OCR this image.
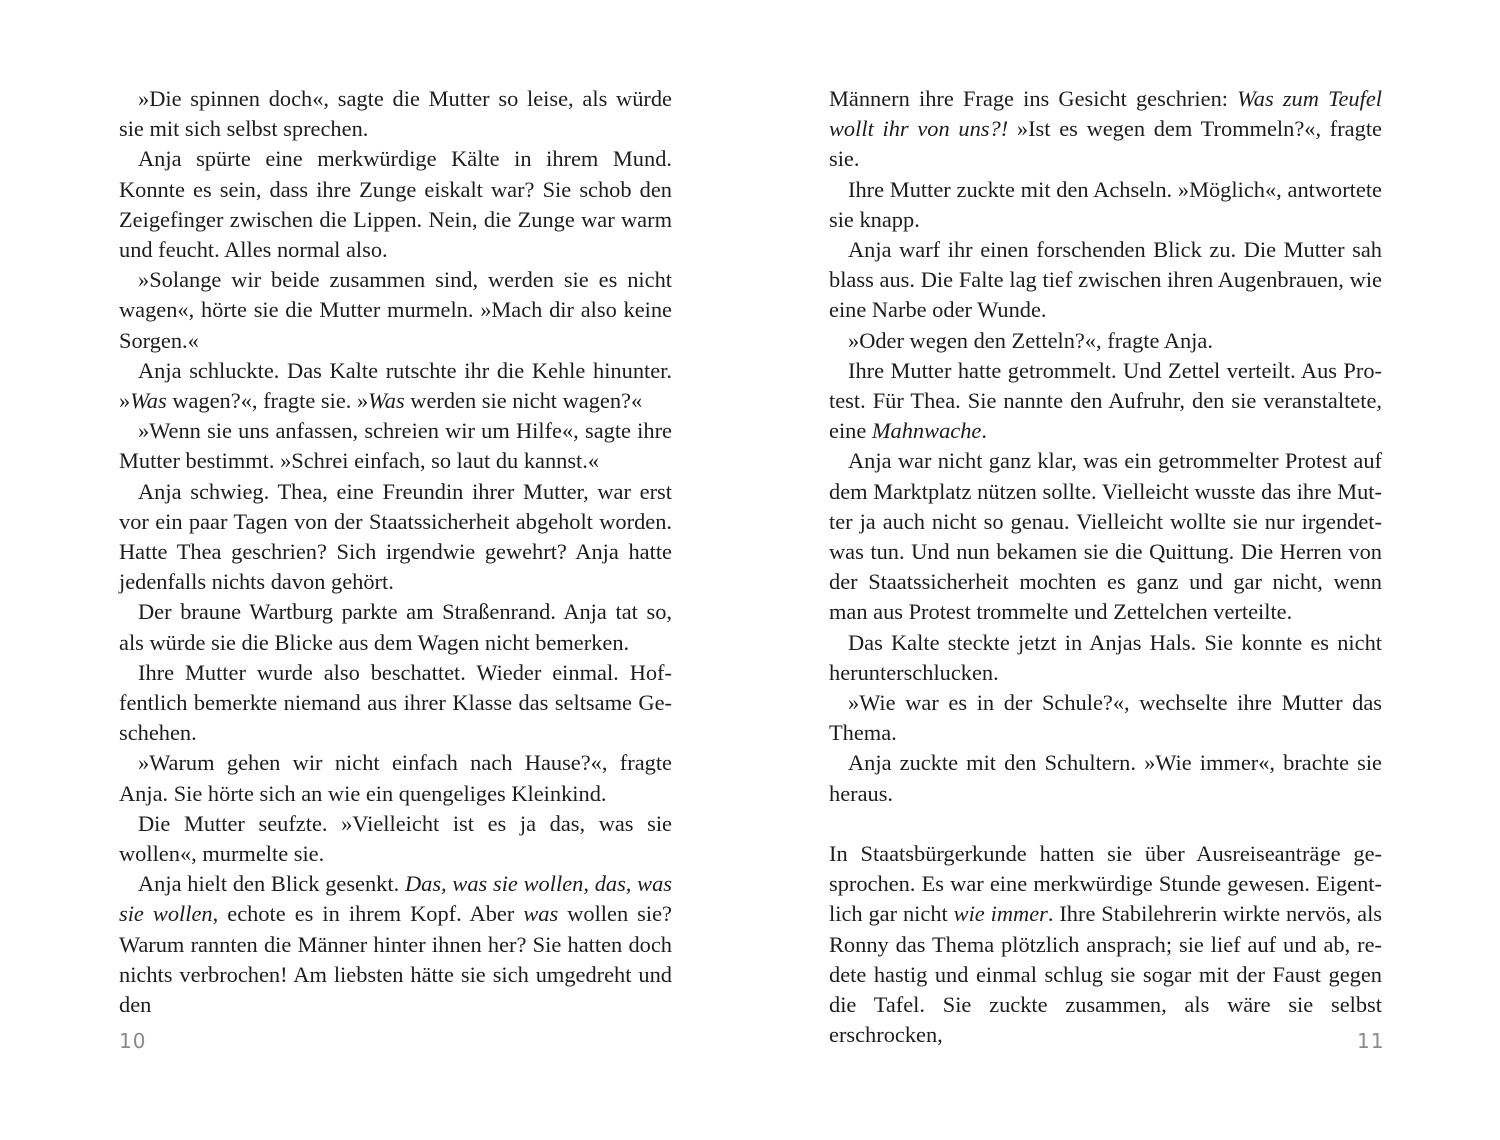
»Die spinnen doch«, sagte die Mutter so leise, als würde sie mit sich selbst sprechen.

Anja spürte eine merkwürdige Kälte in ihrem Mund. Konnte es sein, dass ihre Zunge eiskalt war? Sie schob den Zeigefinger zwischen die Lippen. Nein, die Zunge war warm und feucht. Alles normal also.

»Solange wir beide zusammen sind, werden sie es nicht wagen«, hörte sie die Mutter murmeln. »Mach dir also keine Sorgen.«

Anja schluckte. Das Kalte rutschte ihr die Kehle hinunter. »Was wagen?«, fragte sie. »Was werden sie nicht wagen?«

»Wenn sie uns anfassen, schreien wir um Hilfe«, sagte ihre Mutter bestimmt. »Schrei einfach, so laut du kannst.«

Anja schwieg. Thea, eine Freundin ihrer Mutter, war erst vor ein paar Tagen von der Staatssicherheit abgeholt worden. Hatte Thea geschrien? Sich irgendwie gewehrt? Anja hatte jedenfalls nichts davon gehört.

Der braune Wartburg parkte am Straßenrand. Anja tat so, als würde sie die Blicke aus dem Wagen nicht bemerken.

Ihre Mutter wurde also beschattet. Wieder einmal. Hoffentlich bemerkte niemand aus ihrer Klasse das seltsame Geschehen.

»Warum gehen wir nicht einfach nach Hause?«, fragte Anja. Sie hörte sich an wie ein quengeliges Kleinkind.

Die Mutter seufzte. »Vielleicht ist es ja das, was sie wollen«, murmelte sie.

Anja hielt den Blick gesenkt. Das, was sie wollen, das, was sie wollen, echote es in ihrem Kopf. Aber was wollen sie? Warum rannten die Männer hinter ihnen her? Sie hatten doch nichts verbrochen! Am liebsten hätte sie sich umgedreht und den

Männern ihre Frage ins Gesicht geschrien: Was zum Teufel wollt ihr von uns?! »Ist es wegen dem Trommeln?«, fragte sie.

Ihre Mutter zuckte mit den Achseln. »Möglich«, antwortete sie knapp.

Anja warf ihr einen forschenden Blick zu. Die Mutter sah blass aus. Die Falte lag tief zwischen ihren Augenbrauen, wie eine Narbe oder Wunde.

»Oder wegen den Zetteln?«, fragte Anja.

Ihre Mutter hatte getrommelt. Und Zettel verteilt. Aus Protest. Für Thea. Sie nannte den Aufruhr, den sie veranstaltete, eine Mahnwache.

Anja war nicht ganz klar, was ein getrommelter Protest auf dem Marktplatz nützen sollte. Vielleicht wusste das ihre Mutter ja auch nicht so genau. Vielleicht wollte sie nur irgendetwas tun. Und nun bekamen sie die Quittung. Die Herren von der Staatssicherheit mochten es ganz und gar nicht, wenn man aus Protest trommelte und Zettelchen verteilte.

Das Kalte steckte jetzt in Anjas Hals. Sie konnte es nicht herunterschlucken.

»Wie war es in der Schule?«, wechselte ihre Mutter das Thema.

Anja zuckte mit den Schultern. »Wie immer«, brachte sie heraus.

In Staatsbürgerkunde hatten sie über Ausreiseanträge gesprochen. Es war eine merkwürdige Stunde gewesen. Eigentlich gar nicht wie immer. Ihre Stabilehrerin wirkte nervös, als Ronny das Thema plötzlich ansprach; sie lief auf und ab, redete hastig und einmal schlug sie sogar mit der Faust gegen die Tafel. Sie zuckte zusammen, als wäre sie selbst erschrocken,

10	11
